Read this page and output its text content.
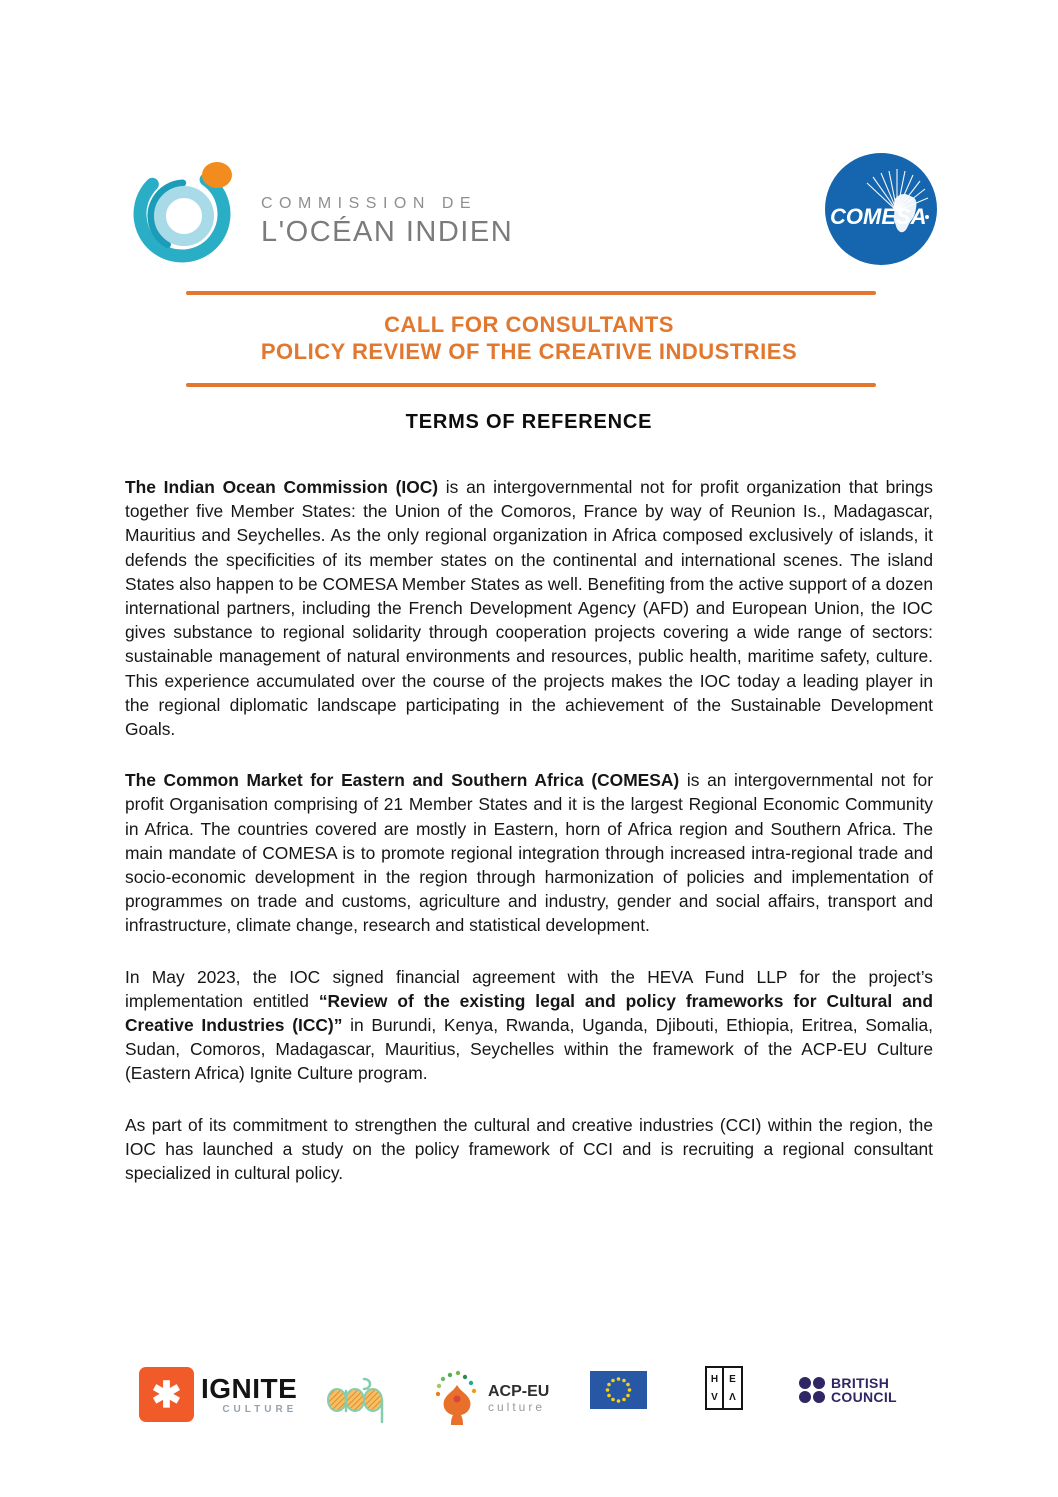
COMMISSION DE
L'OCÉAN INDIEN	COMESA
CALL FOR CONSULTANTS
POLICY REVIEW OF THE CREATIVE INDUSTRIES
TERMS OF REFERENCE

The Indian Ocean Commission (IOC) is an intergovernmental not for profit organization that brings together five Member States: the Union of the Comoros, France by way of Reunion Is., Madagascar, Mauritius and Seychelles. As the only regional organization in Africa composed exclusively of islands, it defends the specificities of its member states on the continental and international scenes. The island States also happen to be COMESA Member States as well. Benefiting from the active support of a dozen international partners, including the French Development Agency (AFD) and European Union, the IOC gives substance to regional solidarity through cooperation projects covering a wide range of sectors: sustainable management of natural environments and resources, public health, maritime safety, culture. This experience accumulated over the course of the projects makes the IOC today a leading player in the regional diplomatic landscape participating in the achievement of the Sustainable Development Goals.

The Common Market for Eastern and Southern Africa (COMESA) is an intergovernmental not for profit Organisation comprising of 21 Member States and it is the largest Regional Economic Community in Africa. The countries covered are mostly in Eastern, horn of Africa region and Southern Africa. The main mandate of COMESA is to promote regional integration through increased intra-regional trade and socio-economic development in the region through harmonization of policies and implementation of programmes on trade and customs, agriculture and industry, gender and social affairs, transport and infrastructure, climate change, research and statistical development.

In May 2023, the IOC signed financial agreement with the HEVA Fund LLP for the project’s implementation entitled “Review of the existing legal and policy frameworks for Cultural and Creative Industries (ICC)” in Burundi, Kenya, Rwanda, Uganda, Djibouti, Ethiopia, Eritrea, Somalia, Sudan, Comoros, Madagascar, Mauritius, Seychelles within the framework of the ACP-EU Culture (Eastern Africa) Ignite Culture program.

As part of its commitment to strengthen the cultural and creative industries (CCI) within the region, the IOC has launched a study on the policy framework of CCI and is recruiting a regional consultant specialized in cultural policy.

✱ IGNITE
CULTURE
ACP-EU
culture
H
V
E
Λ
BRITISH
COUNCIL
